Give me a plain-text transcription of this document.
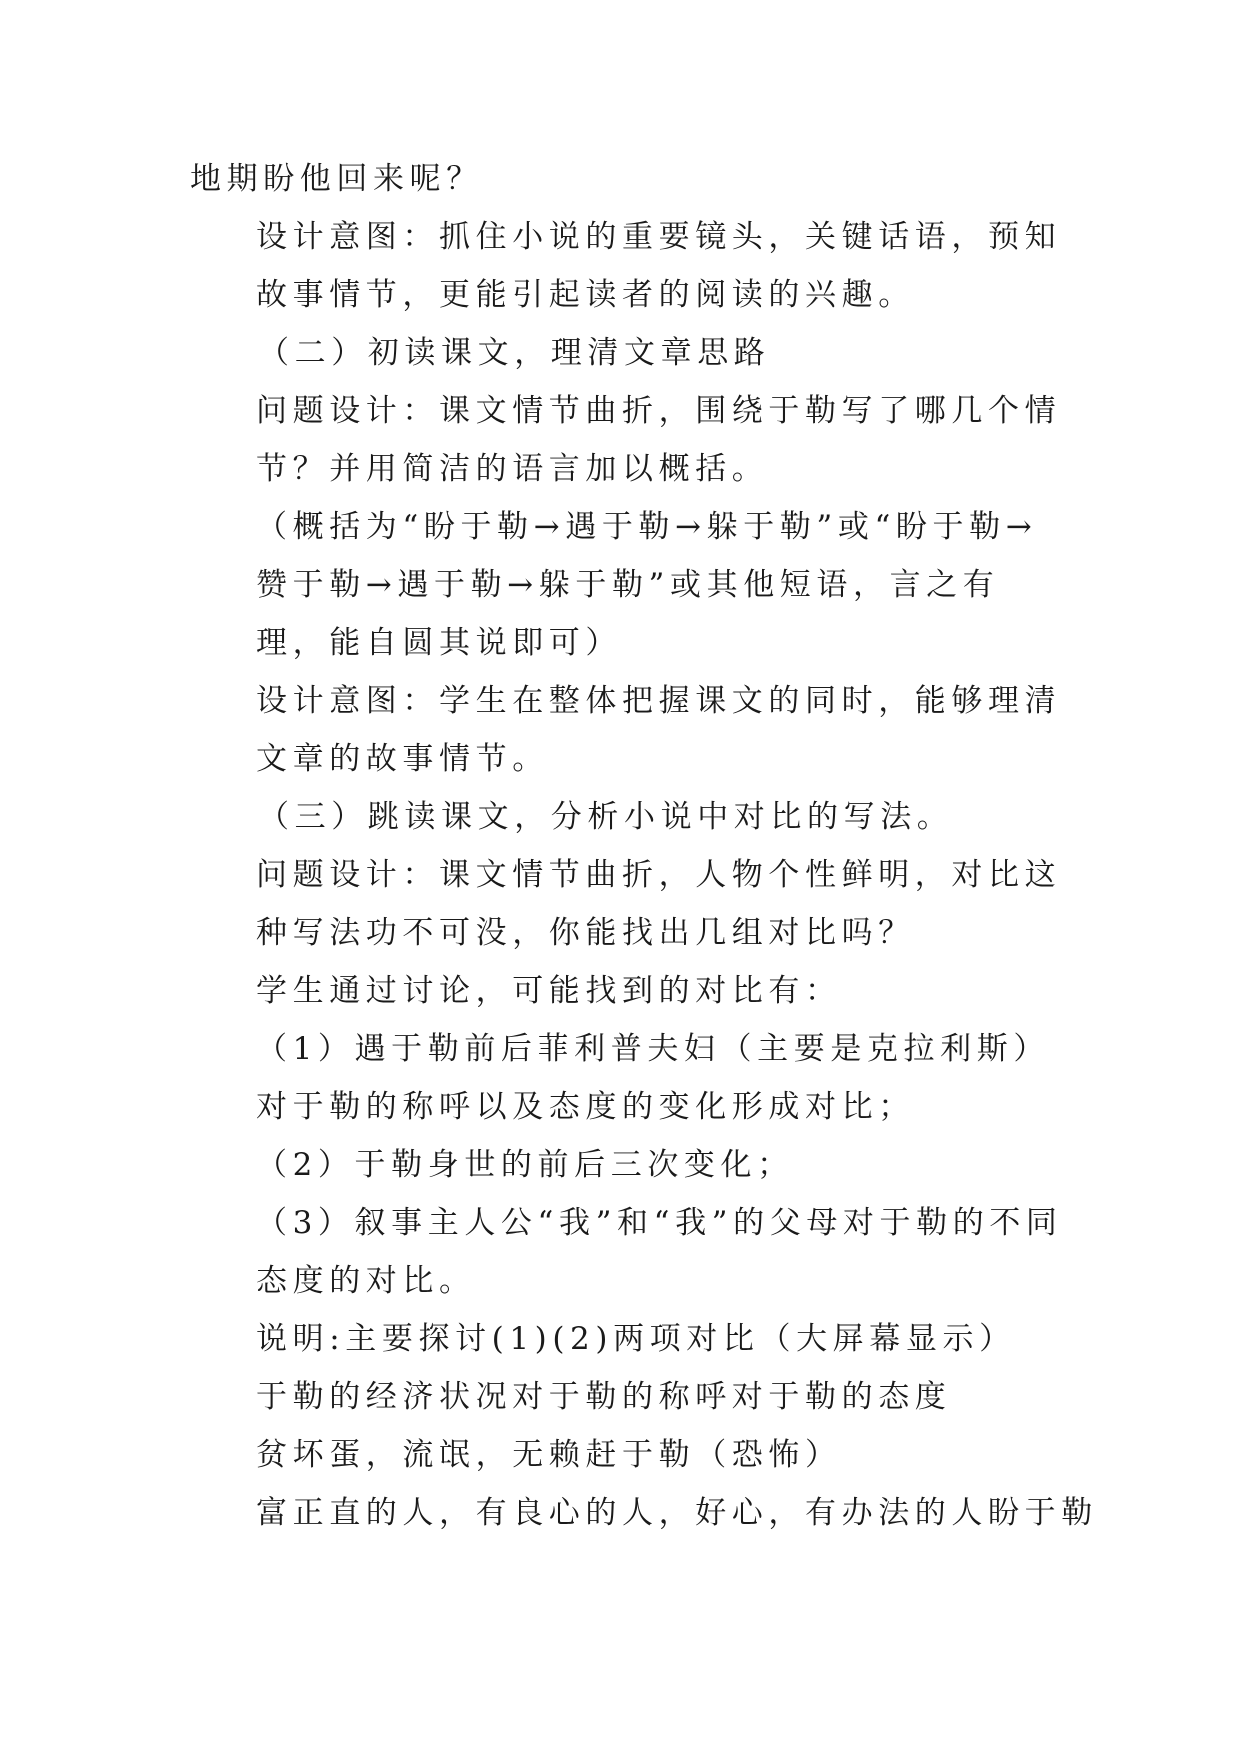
地期盼他回来呢？

设计意图：抓住小说的重要镜头，关键话语，预知故事情节，更能引起读者的阅读的兴趣。

（二）初读课文，理清文章思路

问题设计：课文情节曲折，围绕于勒写了哪几个情节？并用简洁的语言加以概括。

（概括为“盼于勒→遇于勒→躲于勒”或“盼于勒→赞于勒→遇于勒→躲于勒”或其他短语，言之有理，能自圆其说即可）

设计意图：学生在整体把握课文的同时，能够理清文章的故事情节。

（三）跳读课文，分析小说中对比的写法。

问题设计：课文情节曲折，人物个性鲜明，对比这种写法功不可没，你能找出几组对比吗？

学生通过讨论，可能找到的对比有：

（1）遇于勒前后菲利普夫妇（主要是克拉利斯）对于勒的称呼以及态度的变化形成对比；

（2）于勒身世的前后三次变化；

（3）叙事主人公“我”和“我”的父母对于勒的不同态度的对比。

说明:主要探讨(1)(2)两项对比（大屏幕显示）

于勒的经济状况对于勒的称呼对于勒的态度

贫坏蛋，流氓，无赖赶于勒（恐怖）

富正直的人，有良心的人，好心，有办法的人盼于勒
